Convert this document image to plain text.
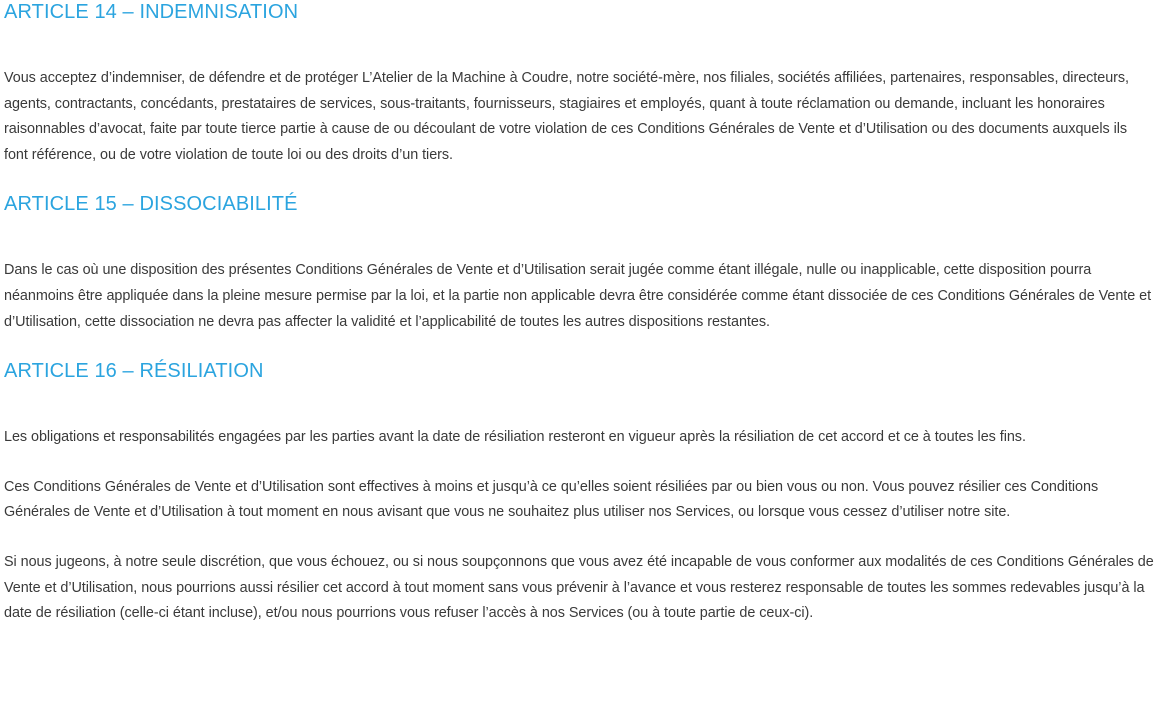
ARTICLE 14 – INDEMNISATION

Vous acceptez d’indemniser, de défendre et de protéger L’Atelier de la Machine à Coudre, notre société-mère, nos filiales, sociétés affiliées, partenaires, responsables, directeurs, agents, contractants, concédants, prestataires de services, sous-traitants, fournisseurs, stagiaires et employés, quant à toute réclamation ou demande, incluant les honoraires raisonnables d’avocat, faite par toute tierce partie à cause de ou découlant de votre violation de ces Conditions Générales de Vente et d’Utilisation ou des documents auxquels ils font référence, ou de votre violation de toute loi ou des droits d’un tiers.

ARTICLE 15 – DISSOCIABILITÉ

Dans le cas où une disposition des présentes Conditions Générales de Vente et d’Utilisation serait jugée comme étant illégale, nulle ou inapplicable, cette disposition pourra néanmoins être appliquée dans la pleine mesure permise par la loi, et la partie non applicable devra être considérée comme étant dissociée de ces Conditions Générales de Vente et d’Utilisation, cette dissociation ne devra pas affecter la validité et l’applicabilité de toutes les autres dispositions restantes.

ARTICLE 16 – RÉSILIATION

Les obligations et responsabilités engagées par les parties avant la date de résiliation resteront en vigueur après la résiliation de cet accord et ce à toutes les fins.

Ces Conditions Générales de Vente et d’Utilisation sont effectives à moins et jusqu’à ce qu’elles soient résiliées par ou bien vous ou non. Vous pouvez résilier ces Conditions Générales de Vente et d’Utilisation à tout moment en nous avisant que vous ne souhaitez plus utiliser nos Services, ou lorsque vous cessez d’utiliser notre site.

Si nous jugeons, à notre seule discrétion, que vous échouez, ou si nous soupçonnons que vous avez été incapable de vous conformer aux modalités de ces Conditions Générales de Vente et d’Utilisation, nous pourrions aussi résilier cet accord à tout moment sans vous prévenir à l’avance et vous resterez responsable de toutes les sommes redevables jusqu’à la date de résiliation (celle-ci étant incluse), et/ou nous pourrions vous refuser l’accès à nos Services (ou à toute partie de ceux-ci).
